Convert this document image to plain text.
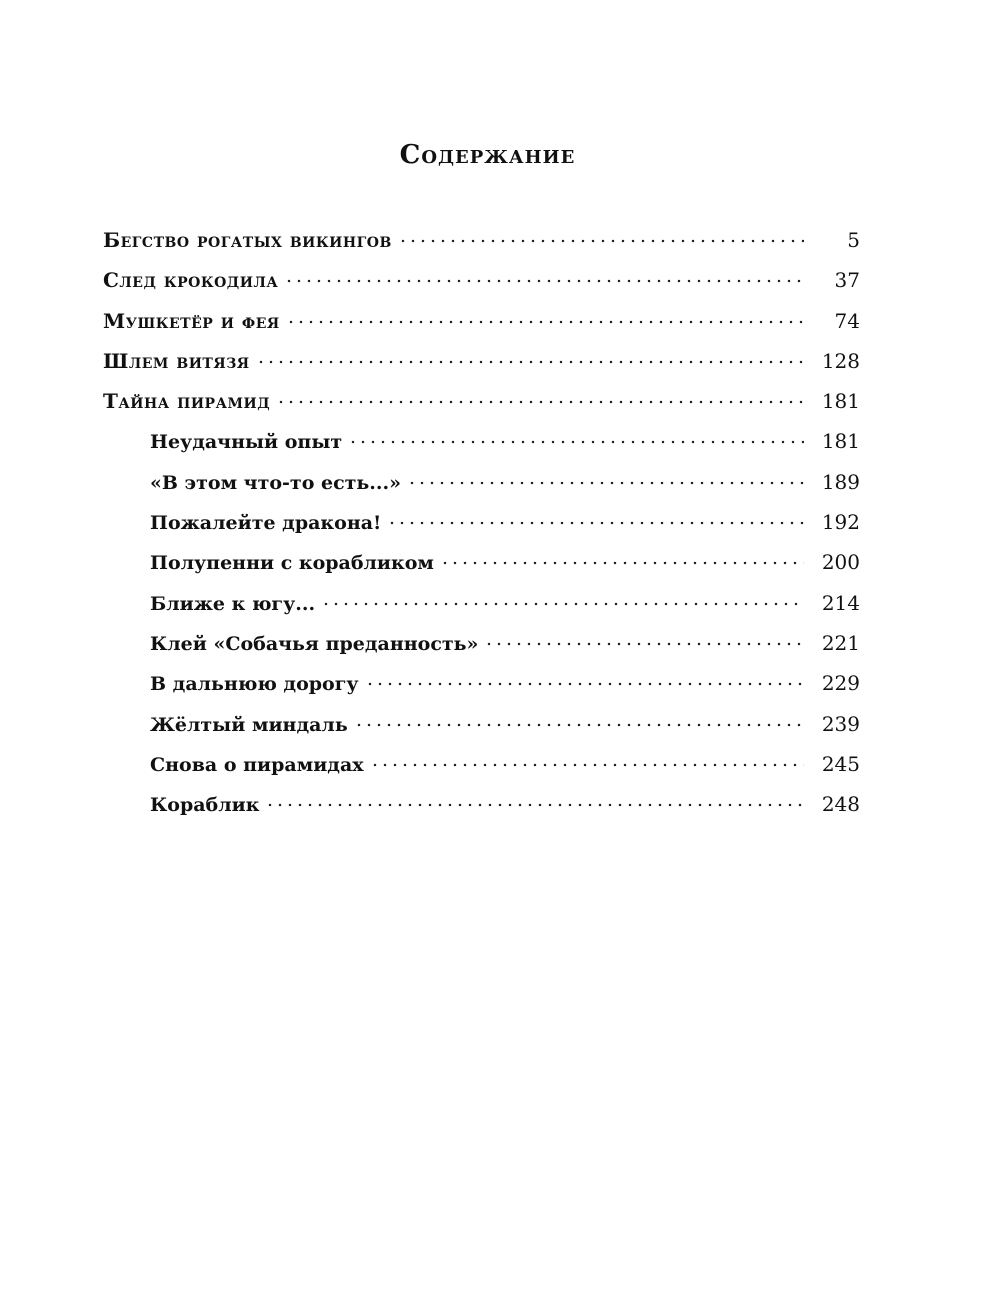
Содержание
Бегство рогатых викингов	5
След крокодила	37
Мушкетёр и фея	74
Шлем витязя	128
Тайна пирамид	181
Неудачный опыт	181
«В этом что-то есть...»	189
Пожалейте дракона!	192
Полупенни с корабликом	200
Ближе к югу...	214
Клей «Собачья преданность»	221
В дальнюю дорогу	229
Жёлтый миндаль	239
Снова о пирамидах	245
Кораблик	248
